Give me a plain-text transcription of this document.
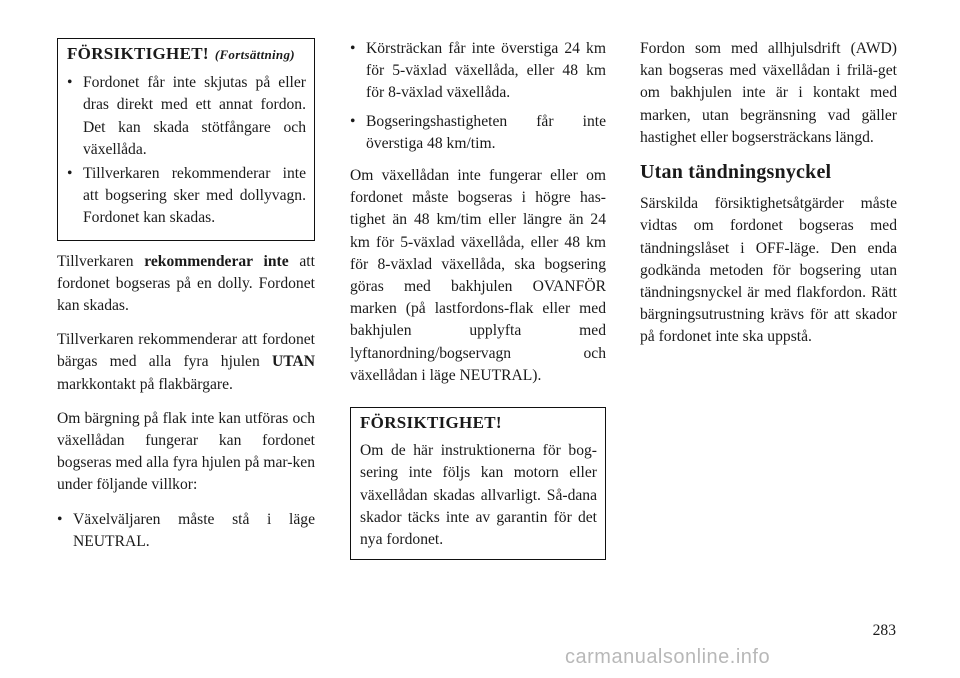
FÖRSIKTIGHET! (Fortsättning)
• Fordonet får inte skjutas på eller dras direkt med ett annat fordon. Det kan skada stötfångare och växellåda.
• Tillverkaren rekommenderar inte att bogsering sker med dollyvagn. Fordonet kan skadas.

Tillverkaren rekommenderar inte att fordonet bogseras på en dolly. Fordonet kan skadas.

Tillverkaren rekommenderar att fordonet bärgas med alla fyra hjulen UTAN markkontakt på flakbärgare.

Om bärgning på flak inte kan utföras och växellådan fungerar kan fordonet bogseras med alla fyra hjulen på mar-ken under följande villkor:

• Växelväljaren måste stå i läge NEUTRAL.
• Körsträckan får inte överstiga 24 km för 5-växlad växellåda, eller 48 km för 8-växlad växellåda.
• Bogseringshastigheten får inte överstiga 48 km/tim.

Om växellådan inte fungerar eller om fordonet måste bogseras i högre has-tighet än 48 km/tim eller längre än 24 km för 5-växlad växellåda, eller 48 km för 8-växlad växellåda, ska bogsering göras med bakhjulen OVANFÖR marken (på lastfordons-flak eller med bakhjulen upplyfta med lyftanordning/bogservagn och växellådan i läge NEUTRAL).

FÖRSIKTIGHET!

Om de här instruktionerna för bog-sering inte följs kan motorn eller växellådan skadas allvarligt. Så-dana skador täcks inte av garantin för det nya fordonet.

Fordon som med allhjulsdrift (AWD) kan bogseras med växellådan i frilä-get om bakhjulen inte är i kontakt med marken, utan begränsning vad gäller hastighet eller bogsersträckans längd.

Utan tändningsnyckel

Särskilda försiktighetsåtgärder måste vidtas om fordonet bogseras med tändningslåset i OFF-läge. Den enda godkända metoden för bogsering utan tändningsnyckel är med flakfordon. Rätt bärgningsutrustning krävs för att skador på fordonet inte ska uppstå.

283
carmanualsonline.info
